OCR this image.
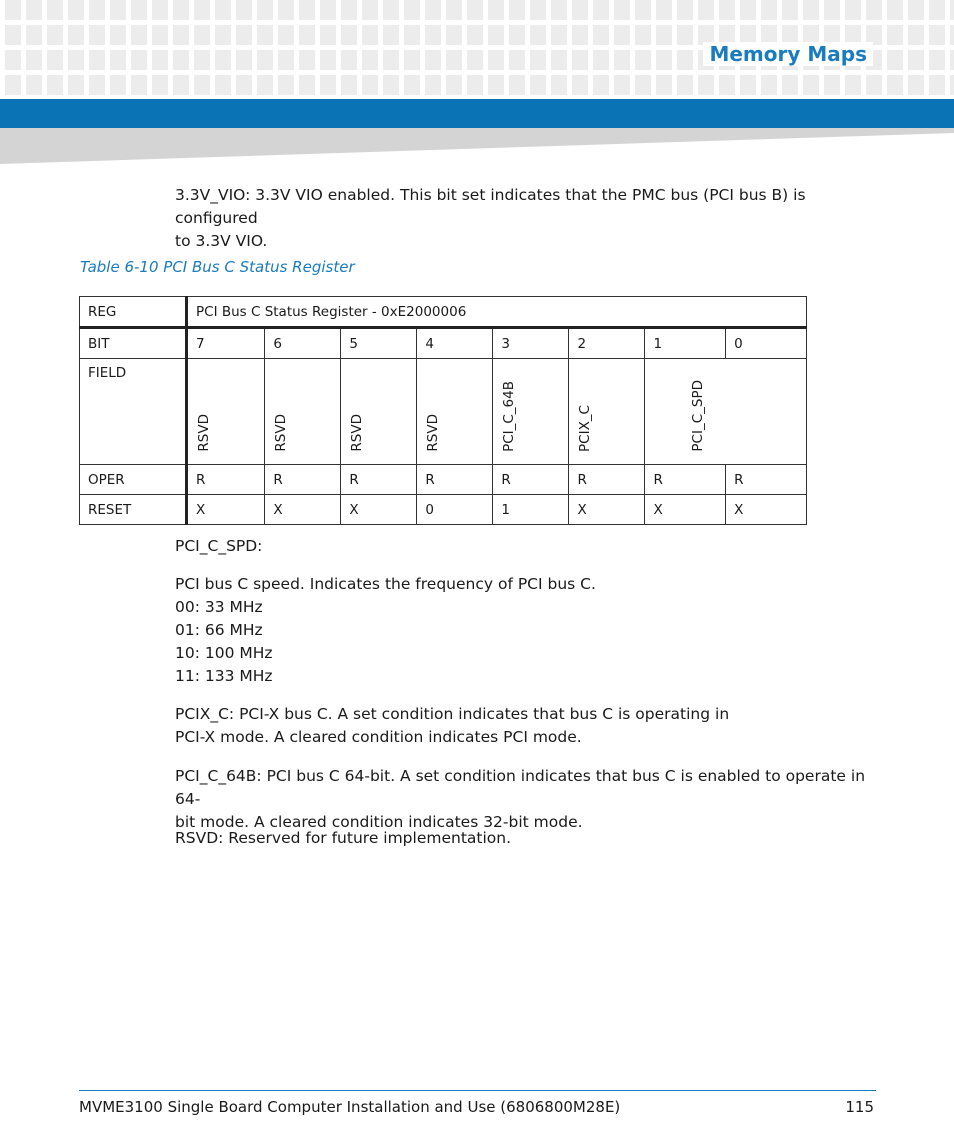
Memory Maps

3.3V_VIO: 3.3V VIO enabled. This bit set indicates that the PMC bus (PCI bus B) is configured

to 3.3V VIO.

Table 6-10 PCI Bus C Status Register
REG	PCI Bus C Status Register - 0xE2000006							
BIT	7	6	5	4	3	2	1	0
FIELD	RSVD	RSVD	RSVD	RSVD	PCI_C_64B	PCIX_C	PCI_C_SPD	
OPER	R	R	R	R	R	R	R	R
RESET	X	X	X	0	1	X	X	X
PCI_C_SPD:

PCI bus C speed. Indicates the frequency of PCI bus C.

00: 33 MHz

01: 66 MHz

10: 100 MHz

11: 133 MHz

PCIX_C: PCI-X bus C. A set condition indicates that bus C is operating in

PCI-X mode. A cleared condition indicates PCI mode.

PCI_C_64B: PCI bus C 64-bit. A set condition indicates that bus C is enabled to operate in 64-

bit mode. A cleared condition indicates 32-bit mode.

RSVD: Reserved for future implementation.
MVME3100 Single Board Computer Installation and Use (6806800M28E)	115
